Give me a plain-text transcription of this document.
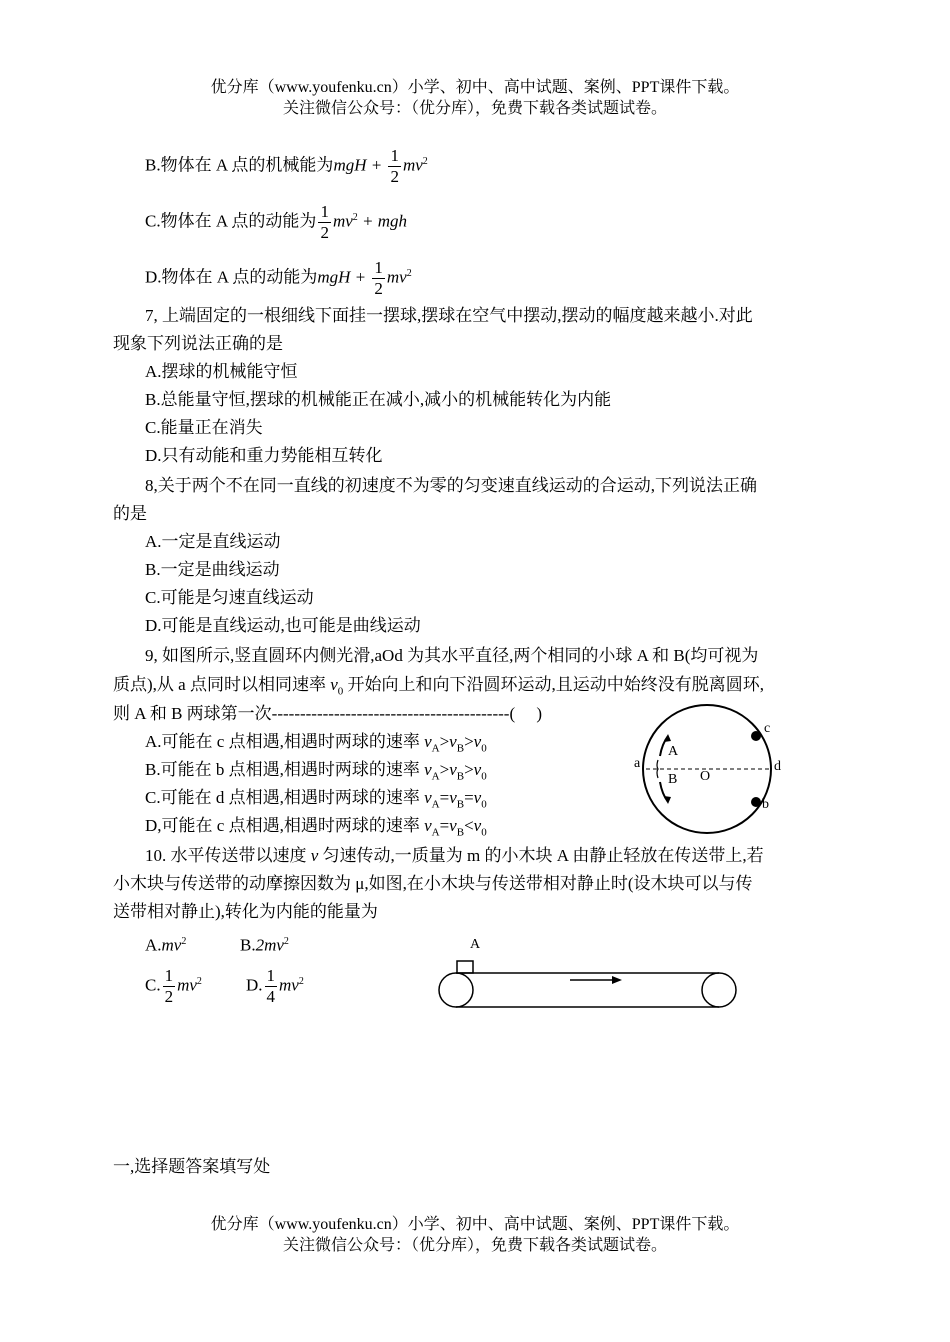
优分库（www.youfenku.cn）小学、初中、高中试题、案例、PPT课件下载。
关注微信公众号：（优分库），免费下载各类试题试卷。
B.物体在 A 点的机械能为mgH + $\frac{1}{2} mv^2$
C.物体在 A 点的动能为 $\frac{1}{2} mv^2$ + mgh
D.物体在 A 点的动能为mgH + $\frac{1}{2} mv^2$
7, 上端固定的一根细线下面挂一摆球,摆球在空气中摆动,摆动的幅度越来越小.对此
现象下列说法正确的是
A.摆球的机械能守恒
B.总能量守恒,摆球的机械能正在减小,减小的机械能转化为内能
C.能量正在消失
D.只有动能和重力势能相互转化
8,关于两个不在同一直线的初速度不为零的匀变速直线运动的合运动,下列说法正确
的是
A.一定是直线运动
B.一定是曲线运动
C.可能是匀速直线运动
D.可能是直线运动,也可能是曲线运动
9, 如图所示,竖直圆环内侧光滑,aOd 为其水平直径,两个相同的小球 A 和 B(均可视为
质点),从 a 点同时以相同速率 $v_0$ 开始向上和向下沿圆环运动,且运动中始终没有脱离圆环,
则 A 和 B 两球第一次------------------------------------------(　 )
A.可能在 c 点相遇,相遇时两球的速率 $v_A>v_B>v_0$
B.可能在 b 点相遇,相遇时两球的速率 $v_A>v_B>v_0$
C.可能在 d 点相遇,相遇时两球的速率 $v_A=v_B=v_0$
D,可能在 c 点相遇,相遇时两球的速率 $v_A=v_B<v_0$
a
A
B O
c
d
b
10. 水平传送带以速度 v 匀速传动,一质量为 m 的小木块 A 由静止轻放在传送带上,若
小木块与传送带的动摩擦因数为 μ,如图,在小木块与传送带相对静止时(设木块可以与传
送带相对静止),转化为内能的能量为
$A.mv^2$	$B.2mv^2$
C. $\frac{1}{2} mv^2$	D. $\frac{1}{4} mv^2$
A
一,选择题答案填写处
优分库（www.youfenku.cn）小学、初中、高中试题、案例、PPT课件下载。
关注微信公众号：（优分库），免费下载各类试题试卷。
